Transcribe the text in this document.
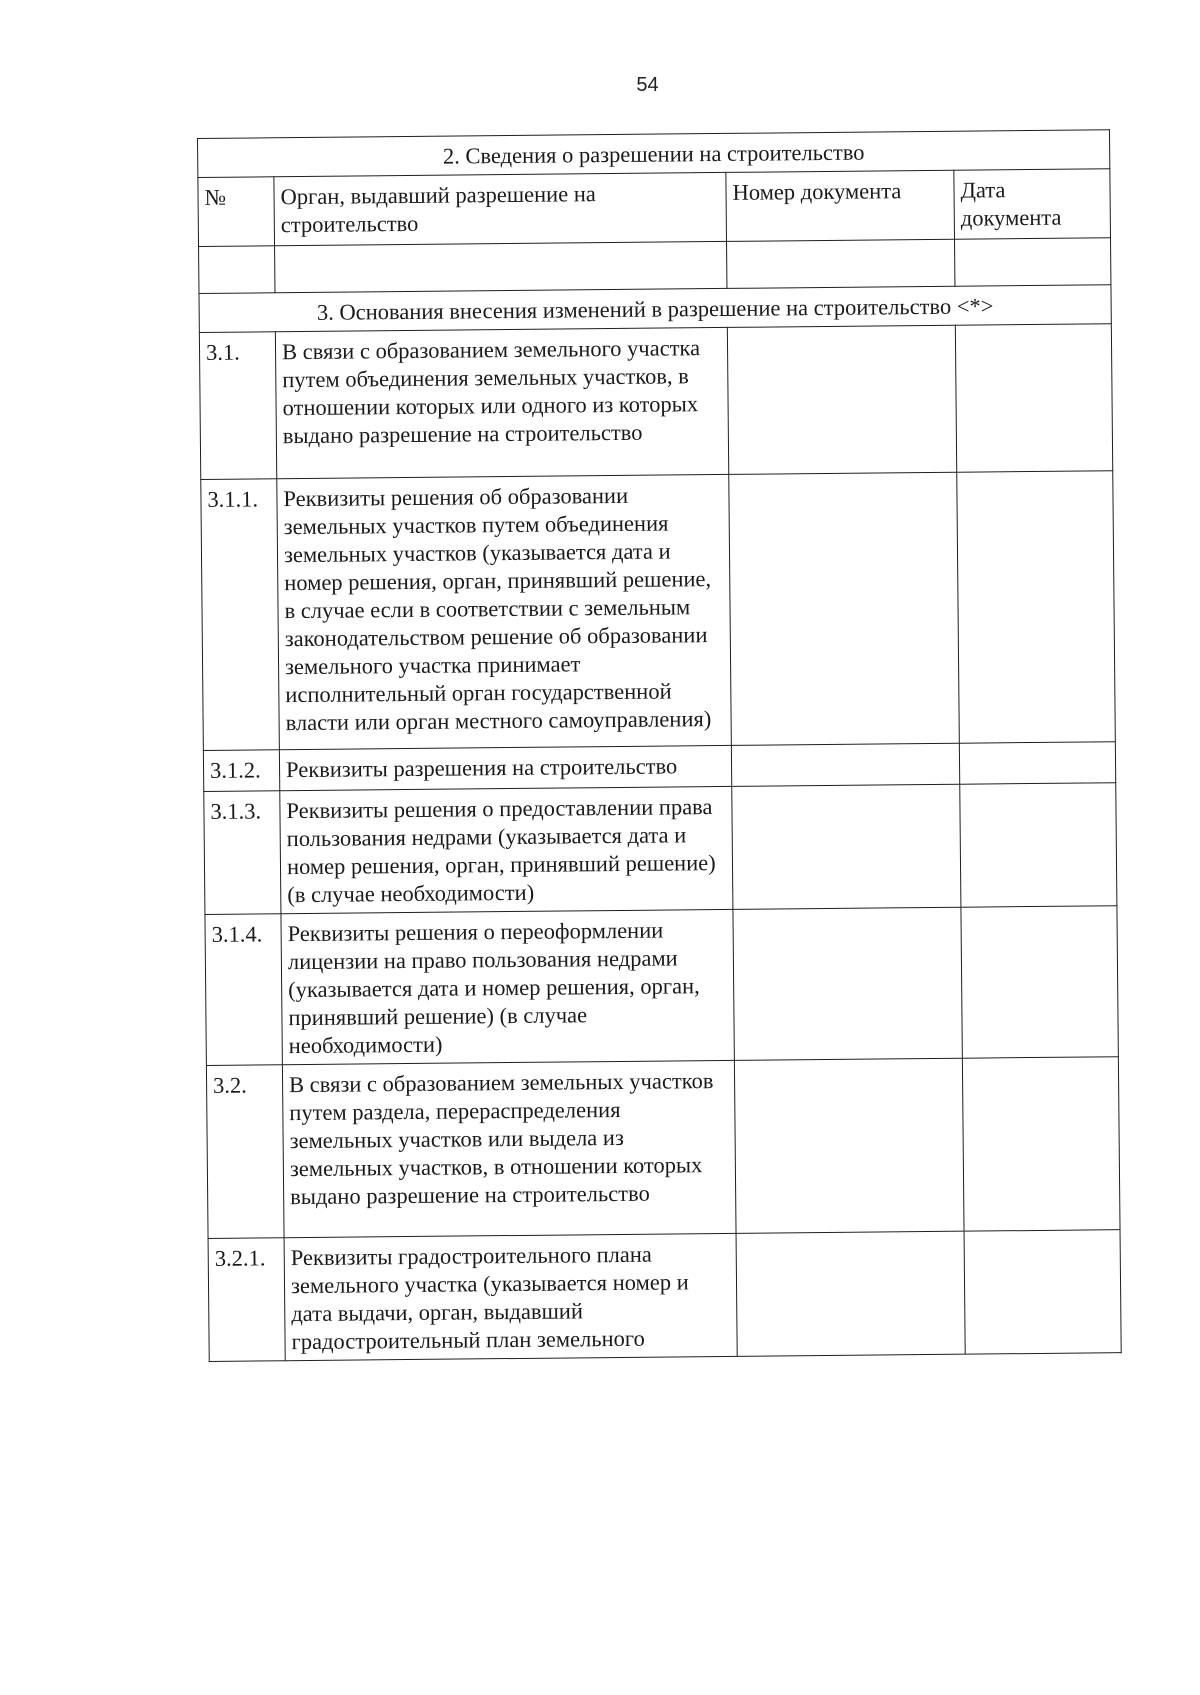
54
2. Сведения о разрешении на строительство			
№	Орган, выдавший разрешение на строительство	Номер документа	Дата документа

3. Основания внесения изменений в разрешение на строительство <*>			
3.1.	В связи с образованием земельного участка путем объединения земельных участков, в отношении которых или одного из которых выдано разрешение на строительство		
3.1.1.	Реквизиты решения об образовании земельных участков путем объединения земельных участков (указывается дата и номер решения, орган, принявший решение, в случае если в соответствии с земельным законодательством решение об образовании земельного участка принимает исполнительный орган государственной власти или орган местного самоуправления)		
3.1.2.	Реквизиты разрешения на строительство		
3.1.3.	Реквизиты решения о предоставлении права пользования недрами (указывается дата и номер решения, орган, принявший решение) (в случае необходимости)		
3.1.4.	Реквизиты решения о переоформлении лицензии на право пользования недрами (указывается дата и номер решения, орган, принявший решение) (в случае необходимости)		
3.2.	В связи с образованием земельных участков путем раздела, перераспределения земельных участков или выдела из земельных участков, в отношении которых выдано разрешение на строительство		
3.2.1.	Реквизиты градостроительного плана земельного участка (указывается номер и дата выдачи, орган, выдавший градостроительный план земельного		
